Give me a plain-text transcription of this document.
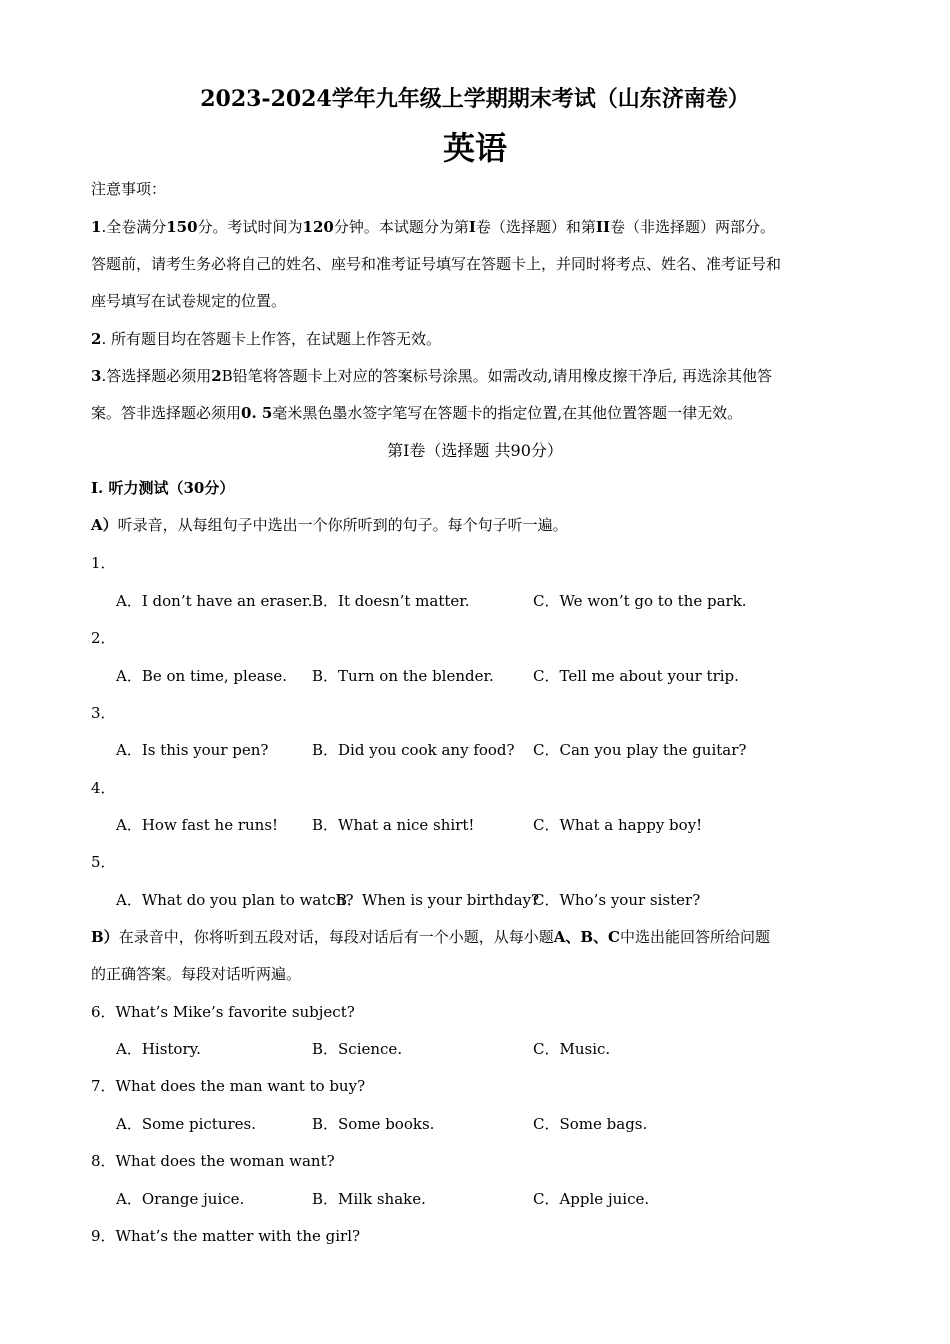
2023-2024学年九年级上学期期末考试（山东济南卷）
英语
注意事项：
1.全卷满分150分。考试时间为120分钟。本试题分为第I卷（选择题）和第II卷（非选择题）两部分。
答题前，请考生务必将自己的姓名、座号和准考证号填写在答题卡上，并同时将考点、姓名、准考证号和
座号填写在试卷规定的位置。
2. 所有题目均在答题卡上作答，在试题上作答无效。
3.答选择题必须用2B铅笔将答题卡上对应的答案标号涂黑。如需改动,请用橡皮擦干净后, 再选涂其他答
案。答非选择题必须用0. 5毫米黑色墨水签字笔写在答题卡的指定位置,在其他位置答题一律无效。
第Ⅰ卷（选择题 共90分）
Ⅰ. 听力测试（30分）
A）听录音，从每组句子中选出一个你所听到的句子。每个句子听一遍。
1．
A．I don’t have an eraser. B．It doesn’t matter.	C．We won’t go to the park.
2．
A．Be on time, please. B．Turn on the blender.	C．Tell me about your trip.
3．
A．Is this your pen?	B．Did you cook any food? C．Can you play the guitar?
4．
A．How fast he runs! B．What a nice shirt!	C．What a happy boy!
5．
A．What do you plan to watch?
B．When is your birthday?
C．Who’s your sister?
B）在录音中，你将听到五段对话，每段对话后有一个小题，从每小题A、B、C中选出能回答所给问题
的正确答案。每段对话听两遍。
6．What’s Mike’s favorite subject?
A．History.	B．Science.	C．Music.
7．What does the man want to buy?
A．Some pictures.	B．Some books.	C．Some bags.
8．What does the woman want?
A．Orange juice.	B．Milk shake.	C．Apple juice.
9．What’s the matter with the girl?
